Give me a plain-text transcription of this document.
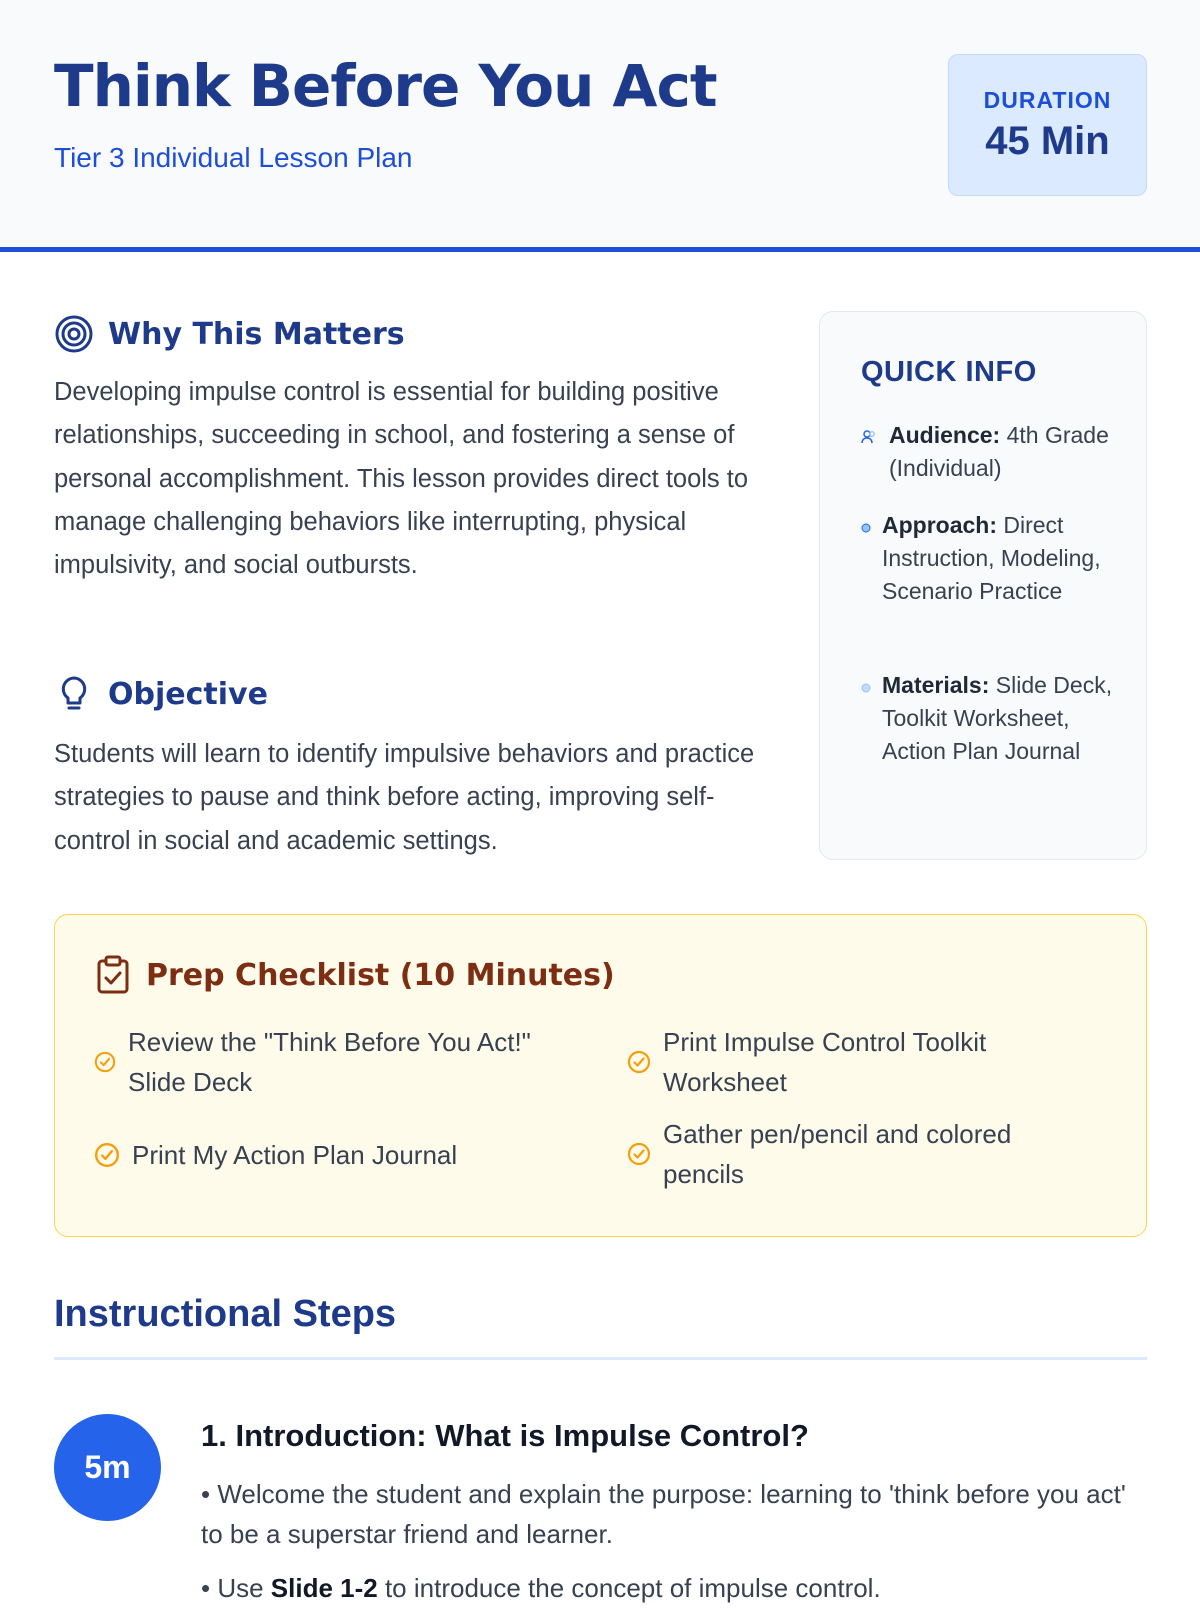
Think Before You Act
Tier 3 Individual Lesson Plan
DURATION
45 Min
Why This Matters
Developing impulse control is essential for building positive relationships, succeeding in school, and fostering a sense of personal accomplishment. This lesson provides direct tools to manage challenging behaviors like interrupting, physical impulsivity, and social outbursts.
Objective
Students will learn to identify impulsive behaviors and practice strategies to pause and think before acting, improving self-control in social and academic settings.
QUICK INFO
Audience: 4th Grade (Individual)
Approach: Direct Instruction, Modeling, Scenario Practice
Materials: Slide Deck, Toolkit Worksheet, Action Plan Journal
Prep Checklist (10 Minutes)
Review the "Think Before You Act!" Slide Deck
Print Impulse Control Toolkit Worksheet
Print My Action Plan Journal
Gather pen/pencil and colored pencils
Instructional Steps
5m
1. Introduction: What is Impulse Control?
• Welcome the student and explain the purpose: learning to 'think before you act' to be a superstar friend and learner.
• Use Slide 1-2 to introduce the concept of impulse control.
